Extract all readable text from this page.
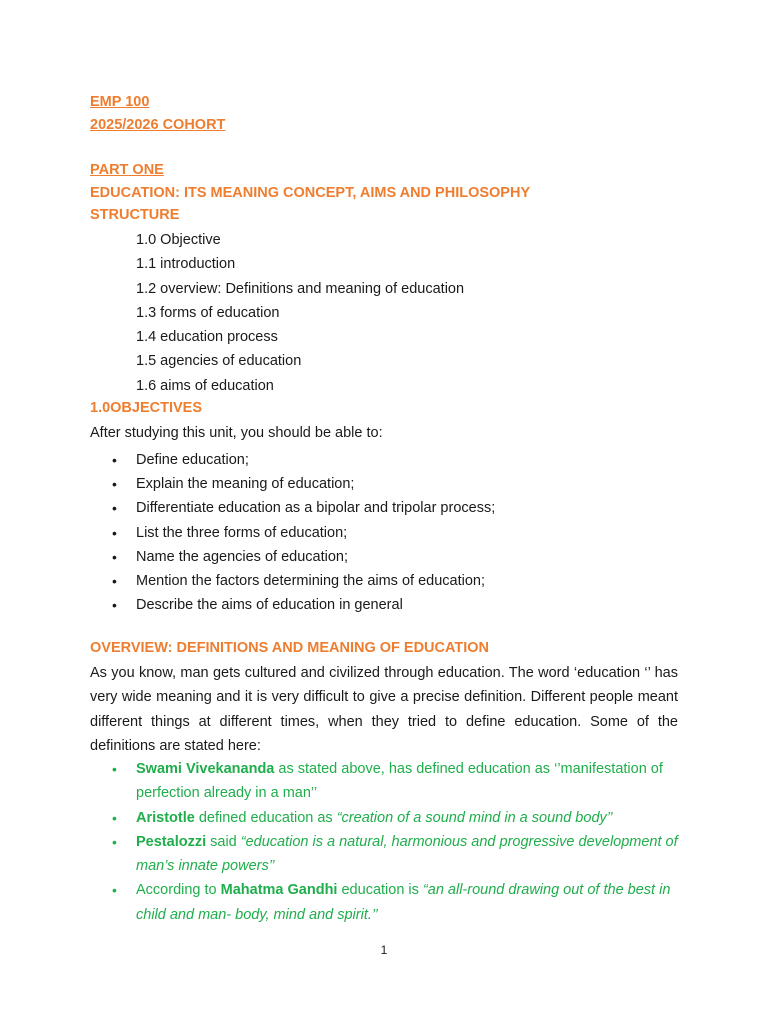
EMP 100
2025/2026 COHORT
PART ONE
EDUCATION: ITS MEANING CONCEPT, AIMS AND PHILOSOPHY
STRUCTURE
1.0 Objective
1.1 introduction
1.2 overview: Definitions and meaning of education
1.3 forms of education
1.4 education process
1.5 agencies of education
1.6 aims of education
1.0OBJECTIVES
After studying this unit, you should be able to:
• Define education;
• Explain the meaning of education;
• Differentiate education as a bipolar and tripolar process;
• List the three forms of education;
• Name the agencies of education;
• Mention the factors determining the aims of education;
• Describe the aims of education in general
OVERVIEW: DEFINITIONS AND MEANING OF EDUCATION
As you know, man gets cultured and civilized through education. The word ‘education ‘’ has very wide meaning and it is very difficult to give a precise definition. Different people meant different things at different times, when they tried to define education. Some of the definitions are stated here:
• Swami Vivekananda as stated above, has defined education as ‘’manifestation of perfection already in a man’’
• Aristotle defined education as “creation of a sound mind in a sound body’’
• Pestalozzi said “education is a natural, harmonious and progressive development of man’s innate powers’’
• According to Mahatma Gandhi education is “an all-round drawing out of the best in child and man- body, mind and spirit.’’
1
